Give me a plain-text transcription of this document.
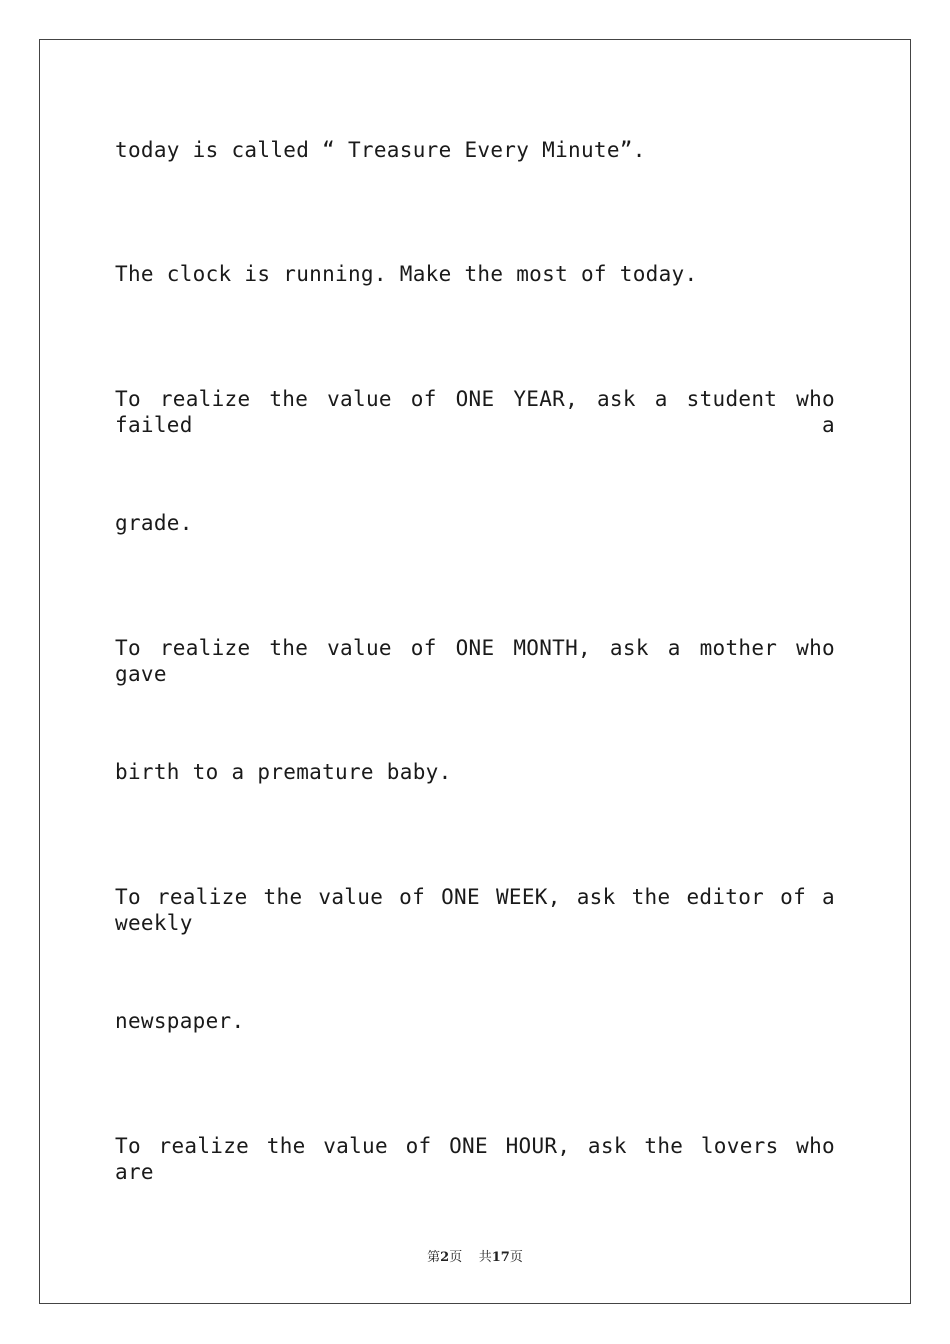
today is called “ Treasure Every Minute”.
The clock is running. Make the most of today.
To realize the value of ONE YEAR, ask a student who failed a
grade.
To realize the value of ONE MONTH, ask a mother who gave
birth to a premature baby.
To realize the value of ONE WEEK, ask the editor of a weekly
newspaper.
To realize the value of ONE HOUR, ask the lovers who are
第2页 共17页
